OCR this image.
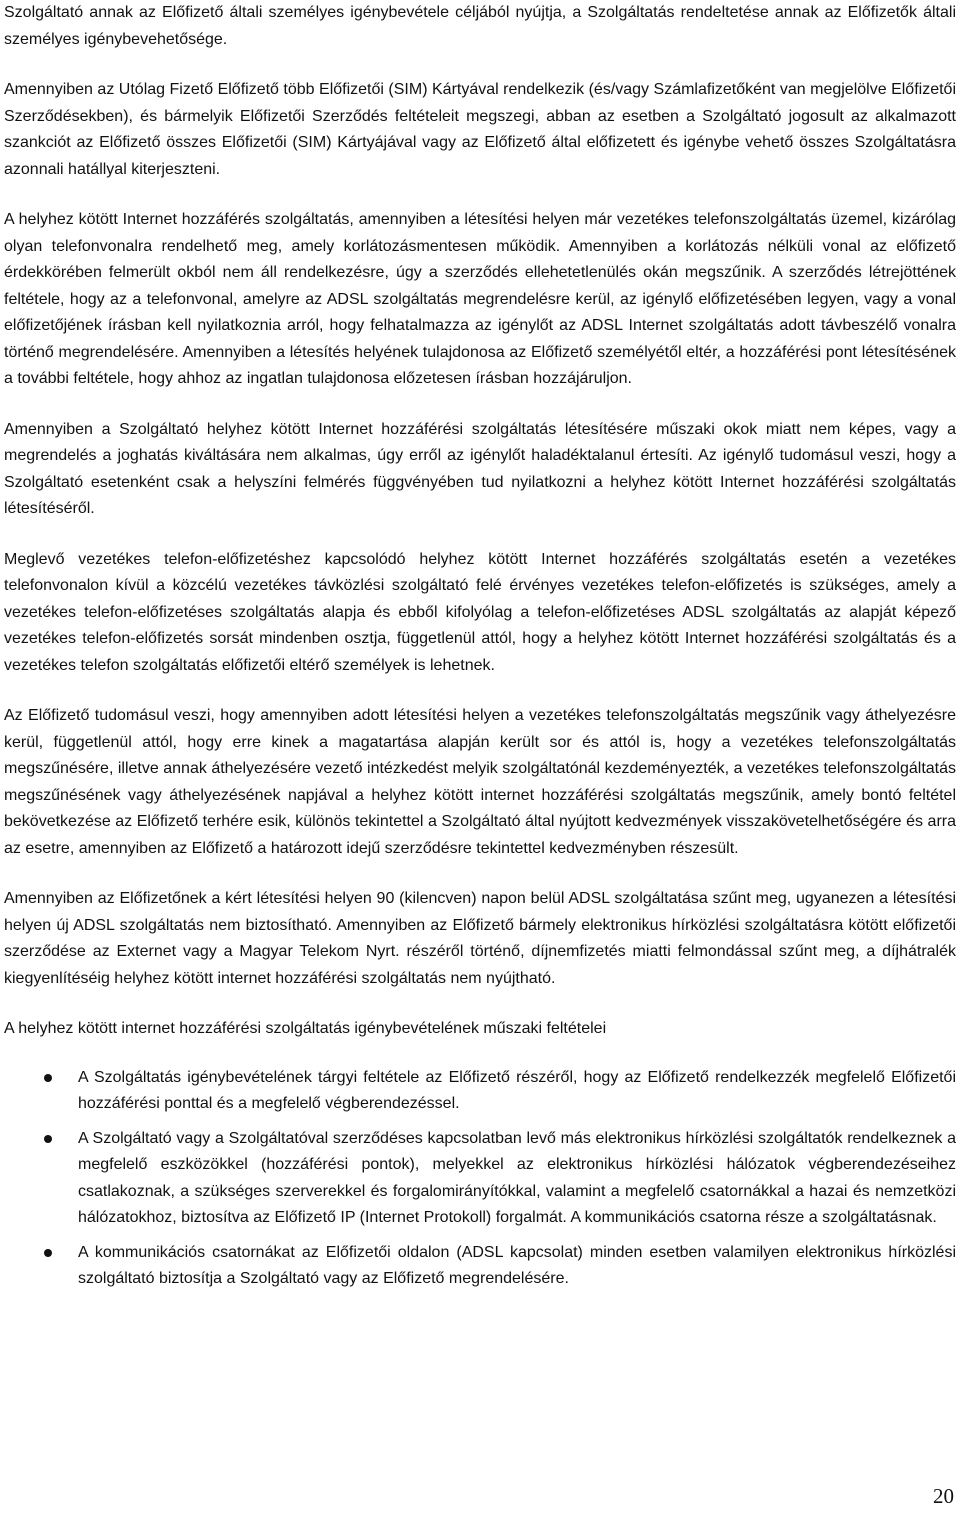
Szolgáltató annak az Előfizető általi személyes igénybevétele céljából nyújtja, a Szolgáltatás rendeltetése annak az Előfizetők általi személyes igénybevehetősége.

Amennyiben az Utólag Fizető Előfizető több Előfizetői (SIM) Kártyával rendelkezik (és/vagy Számlafizetőként van megjelölve Előfizetői Szerződésekben), és bármelyik Előfizetői Szerződés feltételeit megszegi, abban az esetben a Szolgáltató jogosult az alkalmazott szankciót az Előfizető összes Előfizetői (SIM) Kártyájával vagy az Előfizető által előfizetett és igénybe vehető összes Szolgáltatásra azonnali hatállyal kiterjeszteni.

A helyhez kötött Internet hozzáférés szolgáltatás, amennyiben a létesítési helyen már vezetékes telefonszolgáltatás üzemel, kizárólag olyan telefonvonalra rendelhető meg, amely korlátozásmentesen működik. Amennyiben a korlátozás nélküli vonal az előfizető érdekkörében felmerült okból nem áll rendelkezésre, úgy a szerződés ellehetetlenülés okán megszűnik. A szerződés létrejöttének feltétele, hogy az a telefonvonal, amelyre az ADSL szolgáltatás megrendelésre kerül, az igénylő előfizetésében legyen, vagy a vonal előfizetőjének írásban kell nyilatkoznia arról, hogy felhatalmazza az igénylőt az ADSL Internet szolgáltatás adott távbeszélő vonalra történő megrendelésére. Amennyiben a létesítés helyének tulajdonosa az Előfizető személyétől eltér, a hozzáférési pont létesítésének a további feltétele, hogy ahhoz az ingatlan tulajdonosa előzetesen írásban hozzájáruljon.

Amennyiben a Szolgáltató helyhez kötött Internet hozzáférési szolgáltatás létesítésére műszaki okok miatt nem képes, vagy a megrendelés a joghatás kiváltására nem alkalmas, úgy erről az igénylőt haladéktalanul értesíti. Az igénylő tudomásul veszi, hogy a Szolgáltató esetenként csak a helyszíni felmérés függvényében tud nyilatkozni a helyhez kötött Internet hozzáférési szolgáltatás létesítéséről.

Meglevő vezetékes telefon-előfizetéshez kapcsolódó helyhez kötött Internet hozzáférés szolgáltatás esetén a vezetékes telefonvonalon kívül a közcélú vezetékes távközlési szolgáltató felé érvényes vezetékes telefon-előfizetés is szükséges, amely a vezetékes telefon-előfizetéses szolgáltatás alapja és ebből kifolyólag a telefon-előfizetéses ADSL szolgáltatás az alapját képező vezetékes telefon-előfizetés sorsát mindenben osztja, függetlenül attól, hogy a helyhez kötött Internet hozzáférési szolgáltatás és a vezetékes telefon szolgáltatás előfizetői eltérő személyek is lehetnek.

Az Előfizető tudomásul veszi, hogy amennyiben adott létesítési helyen a vezetékes telefonszolgáltatás megszűnik vagy áthelyezésre kerül, függetlenül attól, hogy erre kinek a magatartása alapján került sor és attól is, hogy a vezetékes telefonszolgáltatás megszűnésére, illetve annak áthelyezésére vezető intézkedést melyik szolgáltatónál kezdeményezték, a vezetékes telefonszolgáltatás megszűnésének vagy áthelyezésének napjával a helyhez kötött internet hozzáférési szolgáltatás megszűnik, amely bontó feltétel bekövetkezése az Előfizető terhére esik, különös tekintettel a Szolgáltató által nyújtott kedvezmények visszakövetelhetőségére és arra az esetre, amennyiben az Előfizető a határozott idejű szerződésre tekintettel kedvezményben részesült.

Amennyiben az Előfizetőnek a kért létesítési helyen 90 (kilencven) napon belül ADSL szolgáltatása szűnt meg, ugyanezen a létesítési helyen új ADSL szolgáltatás nem biztosítható. Amennyiben az Előfizető bármely elektronikus hírközlési szolgáltatásra kötött előfizetői szerződése az Externet vagy a Magyar Telekom Nyrt. részéről történő, díjnemfizetés miatti felmondással szűnt meg, a díjhátralék kiegyenlítéséig helyhez kötött internet hozzáférési szolgáltatás nem nyújtható.

A helyhez kötött internet hozzáférési szolgáltatás igénybevételének műszaki feltételei

A Szolgáltatás igénybevételének tárgyi feltétele az Előfizető részéről, hogy az Előfizető rendelkezzék megfelelő Előfizetői hozzáférési ponttal és a megfelelő végberendezéssel.
A Szolgáltató vagy a Szolgáltatóval szerződéses kapcsolatban levő más elektronikus hírközlési szolgáltatók rendelkeznek a megfelelő eszközökkel (hozzáférési pontok), melyekkel az elektronikus hírközlési hálózatok végberendezéseihez csatlakoznak, a szükséges szerverekkel és forgalomirányítókkal, valamint a megfelelő csatornákkal a hazai és nemzetközi hálózatokhoz, biztosítva az Előfizető IP (Internet Protokoll) forgalmát. A kommunikációs csatorna része a szolgáltatásnak.
A kommunikációs csatornákat az Előfizetői oldalon (ADSL kapcsolat) minden esetben valamilyen elektronikus hírközlési szolgáltató biztosítja a Szolgáltató vagy az Előfizető megrendelésére.
20
